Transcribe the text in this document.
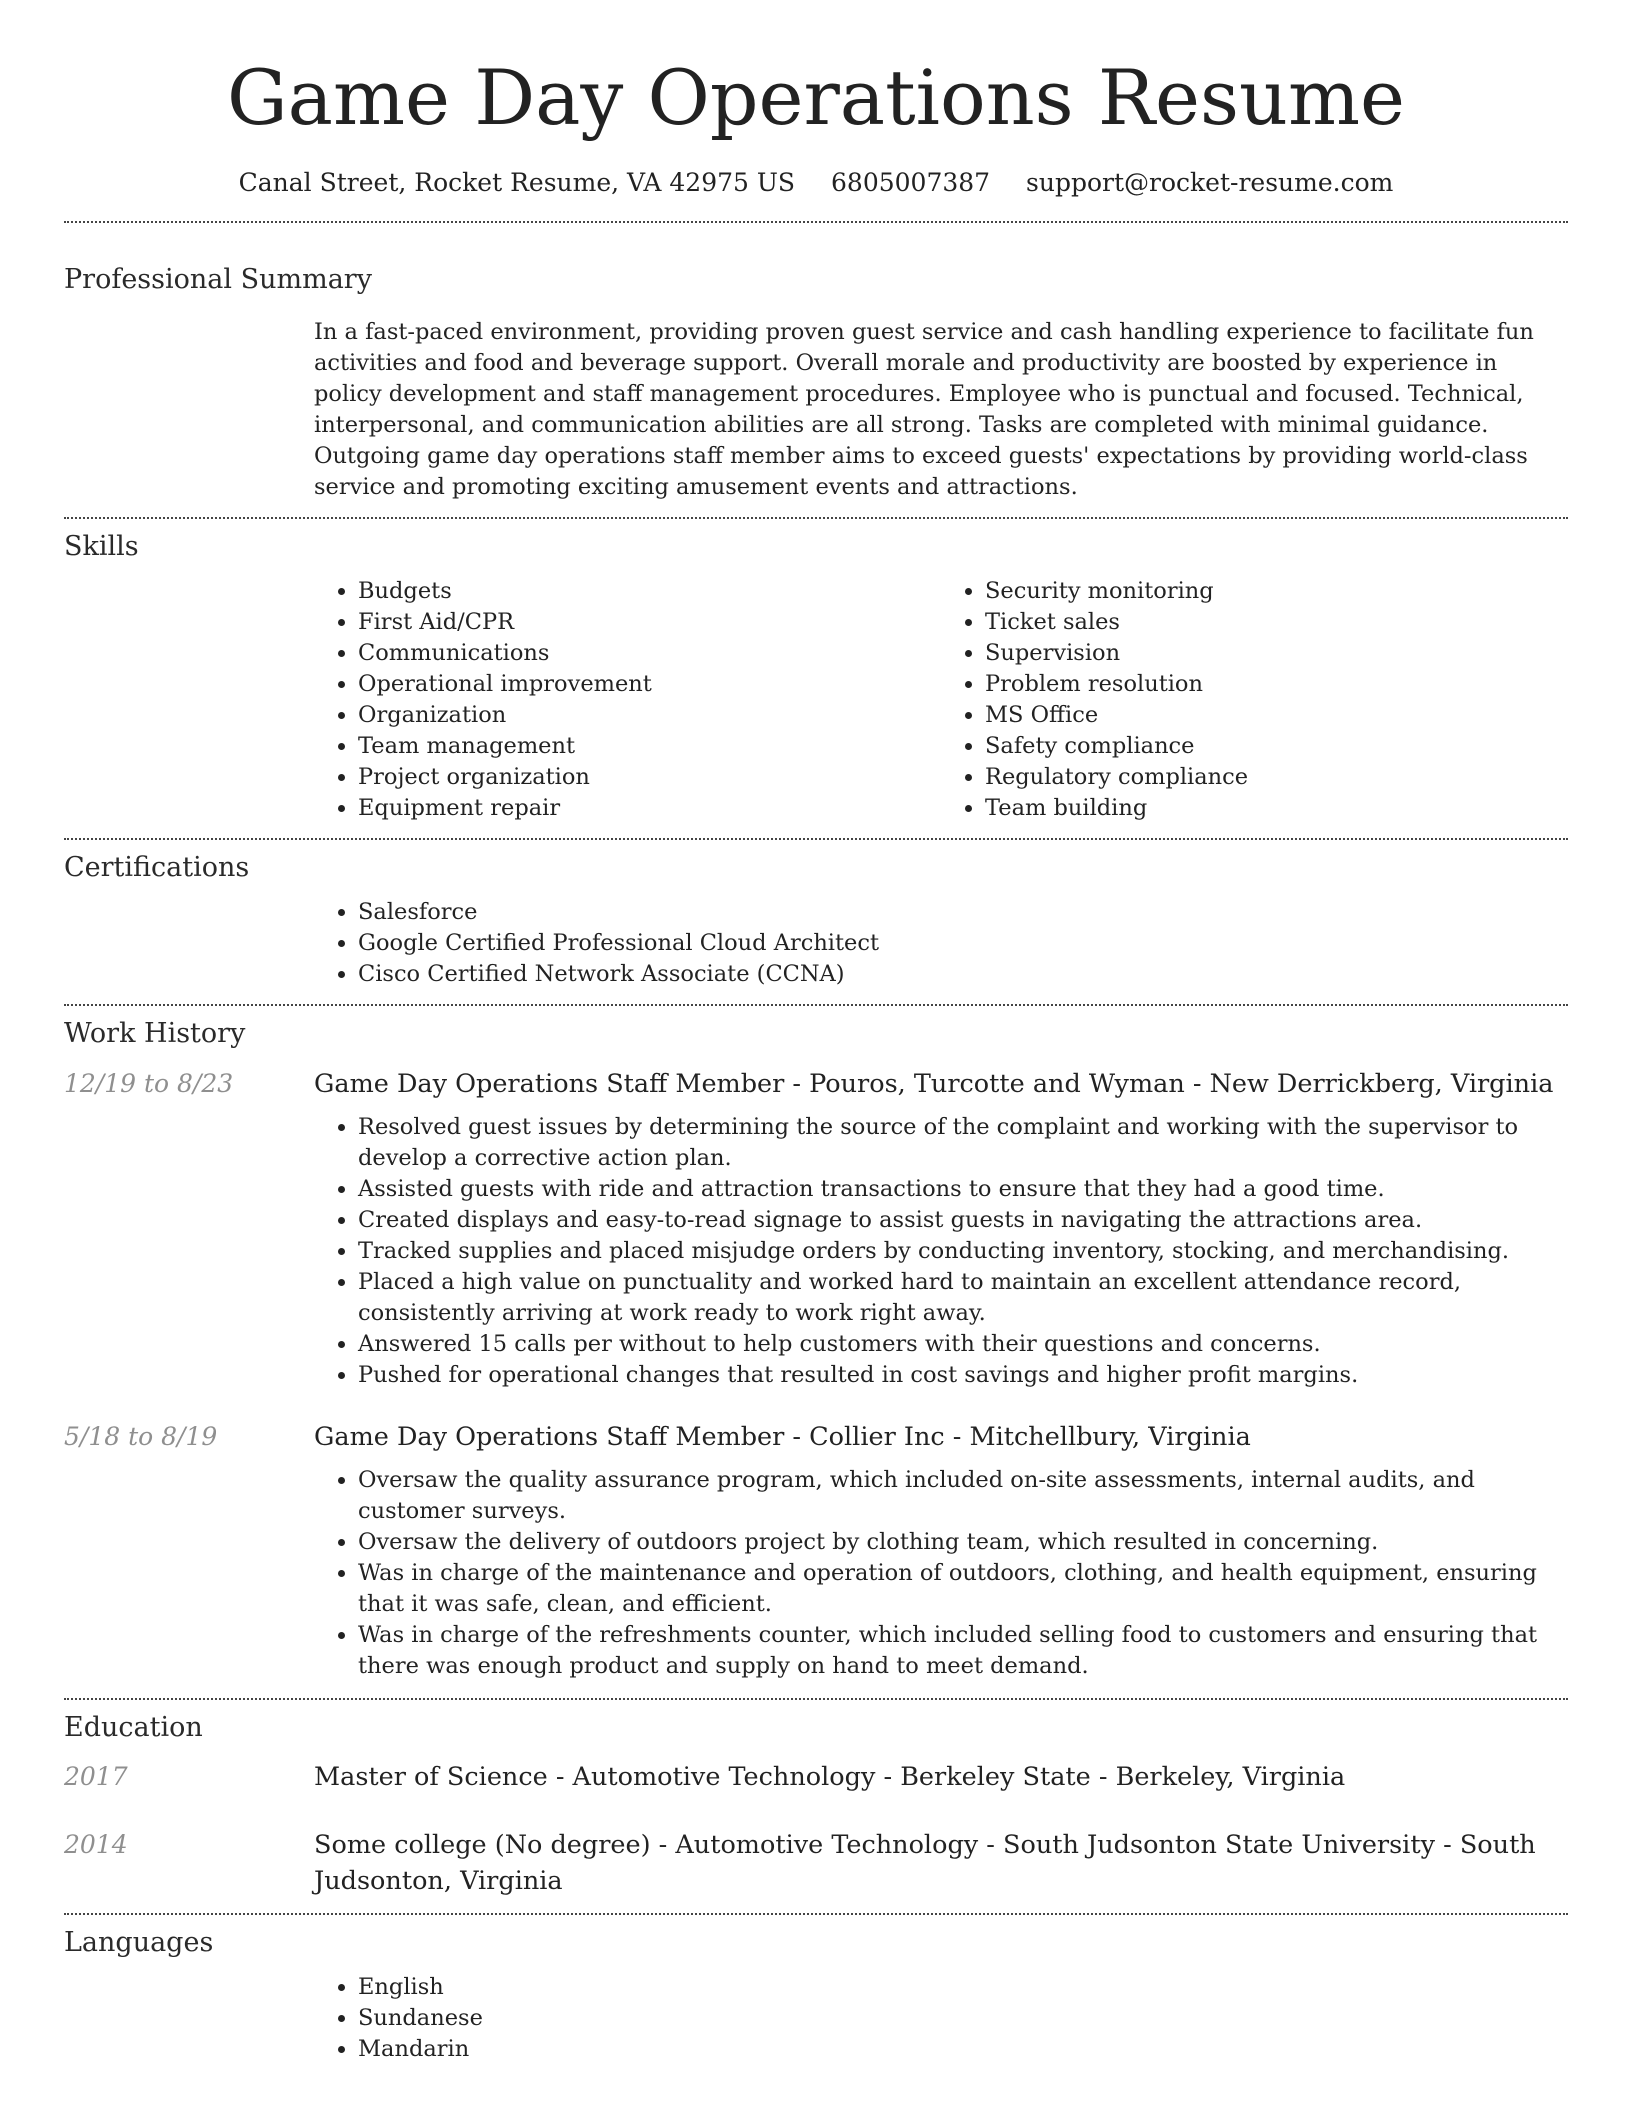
Game Day Operations Resume
Canal Street, Rocket Resume, VA 42975 US 6805007387 support@rocket-resume.com
Professional Summary
In a fast-paced environment, providing proven guest service and cash handling experience to facilitate fun activities and food and beverage support. Overall morale and productivity are boosted by experience in policy development and staff management procedures. Employee who is punctual and focused. Technical, interpersonal, and communication abilities are all strong. Tasks are completed with minimal guidance. Outgoing game day operations staff member aims to exceed guests' expectations by providing world-class service and promoting exciting amusement events and attractions.
Skills
• Budgets
• First Aid/CPR
• Communications
• Operational improvement
• Organization
• Team management
• Project organization
• Equipment repair
• Security monitoring
• Ticket sales
• Supervision
• Problem resolution
• MS Office
• Safety compliance
• Regulatory compliance
• Team building
Certifications
• Salesforce
• Google Certified Professional Cloud Architect
• Cisco Certified Network Associate (CCNA)
Work History
12/19 to 8/23	Game Day Operations Staff Member - Pouros, Turcotte and Wyman - New Derrickberg, Virginia
• Resolved guest issues by determining the source of the complaint and working with the supervisor to develop a corrective action plan.
• Assisted guests with ride and attraction transactions to ensure that they had a good time.
• Created displays and easy-to-read signage to assist guests in navigating the attractions area.
• Tracked supplies and placed misjudge orders by conducting inventory, stocking, and merchandising.
• Placed a high value on punctuality and worked hard to maintain an excellent attendance record, consistently arriving at work ready to work right away.
• Answered 15 calls per without to help customers with their questions and concerns.
• Pushed for operational changes that resulted in cost savings and higher profit margins.
5/18 to 8/19	Game Day Operations Staff Member - Collier Inc - Mitchellbury, Virginia
• Oversaw the quality assurance program, which included on-site assessments, internal audits, and customer surveys.
• Oversaw the delivery of outdoors project by clothing team, which resulted in concerning.
• Was in charge of the maintenance and operation of outdoors, clothing, and health equipment, ensuring that it was safe, clean, and efficient.
• Was in charge of the refreshments counter, which included selling food to customers and ensuring that there was enough product and supply on hand to meet demand.
Education
2017	Master of Science - Automotive Technology - Berkeley State - Berkeley, Virginia
2014	Some college (No degree) - Automotive Technology - South Judsonton State University - South Judsonton, Virginia
Languages
• English
• Sundanese
• Mandarin
